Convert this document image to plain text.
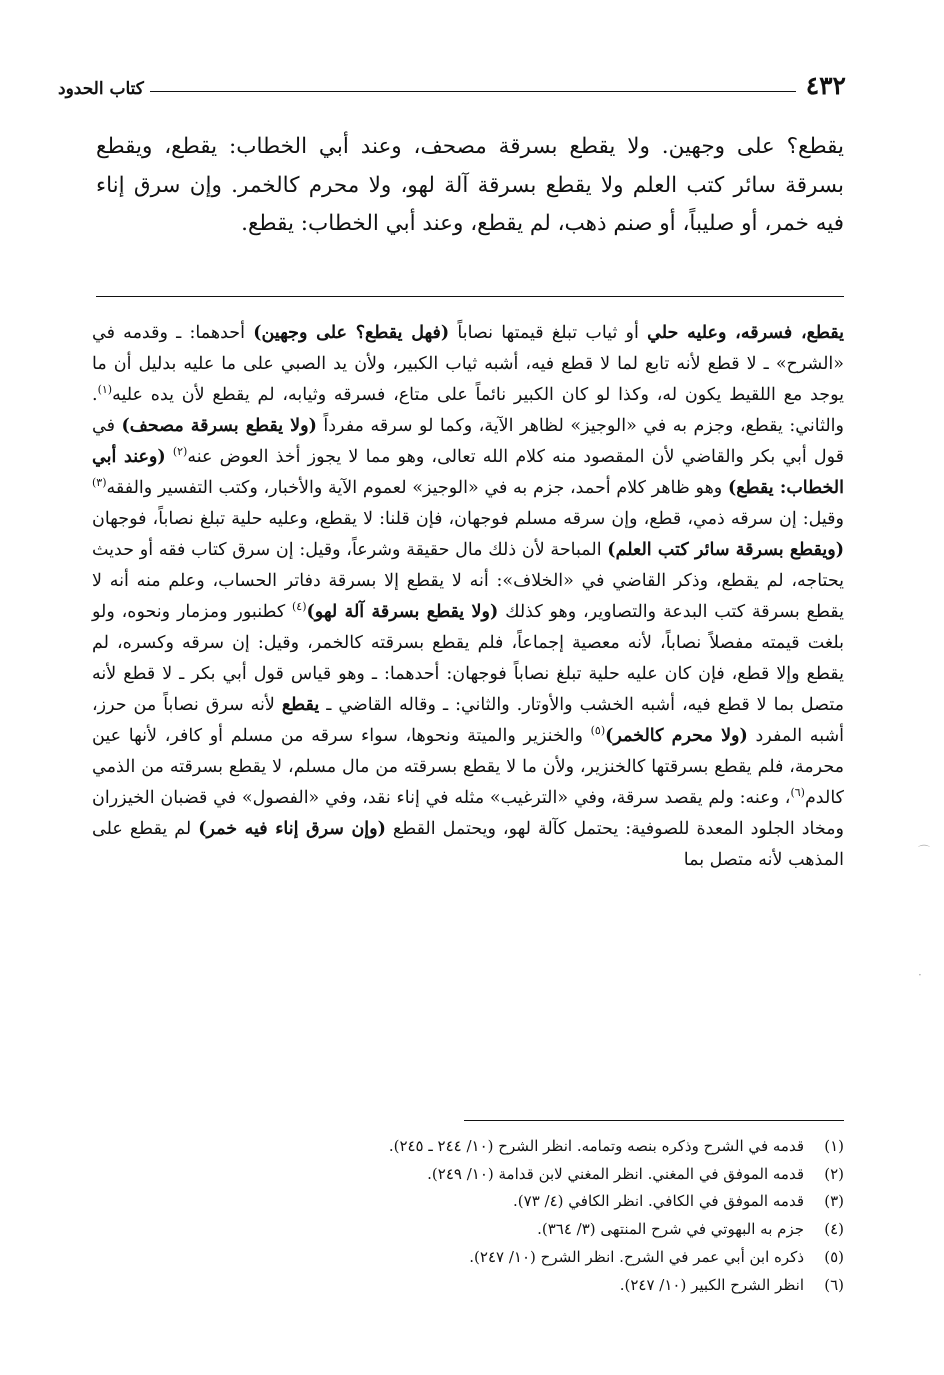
٤٣٢
كتاب الحدود

يقطع؟ على وجهين. ولا يقطع بسرقة مصحف، وعند أبي الخطاب: يقطع، ويقطع بسرقة سائر كتب العلم ولا يقطع بسرقة آلة لهو، ولا محرم كالخمر. وإن سرق إناء فيه خمر، أو صليباً، أو صنم ذهب، لم يقطع، وعند أبي الخطاب: يقطع.

يقطع، فسرقه، وعليه حلي أو ثياب تبلغ قيمتها نصاباً (فهل يقطع؟ على وجهين) أحدهما: ـ وقدمه في «الشرح» ـ لا قطع لأنه تابع لما لا قطع فيه، أشبه ثياب الكبير، ولأن يد الصبي على ما عليه بدليل أن ما يوجد مع اللقيط يكون له، وكذا لو كان الكبير نائماً على متاع، فسرقه وثيابه، لم يقطع لأن يده عليه$^{(١)}$. والثاني: يقطع، وجزم به في «الوجيز» لظاهر الآية، وكما لو سرقه مفرداً (ولا يقطع بسرقة مصحف) في قول أبي بكر والقاضي لأن المقصود منه كلام الله تعالى، وهو مما لا يجوز أخذ العوض عنه$^{(٢)}$ (وعند أبي الخطاب: يقطع) وهو ظاهر كلام أحمد، جزم به في «الوجيز» لعموم الآية والأخبار، وكتب التفسير والفقه$^{(٣)}$ وقيل: إن سرقه ذمي، قطع، وإن سرقه مسلم فوجهان، فإن قلنا: لا يقطع، وعليه حلية تبلغ نصاباً، فوجهان (ويقطع بسرقة سائر كتب العلم) المباحة لأن ذلك مال حقيقة وشرعاً، وقيل: إن سرق كتاب فقه أو حديث يحتاجه، لم يقطع، وذكر القاضي في «الخلاف»: أنه لا يقطع إلا بسرقة دفاتر الحساب، وعلم منه أنه لا يقطع بسرقة كتب البدعة والتصاوير، وهو كذلك (ولا يقطع بسرقة آلة لهو)$^{(٤)}$ كطنبور ومزمار ونحوه، ولو بلغت قيمته مفصلاً نصاباً، لأنه معصية إجماعاً، فلم يقطع بسرقته كالخمر، وقيل: إن سرقه وكسره، لم يقطع وإلا قطع، فإن كان عليه حلية تبلغ نصاباً فوجهان: أحدهما: ـ وهو قياس قول أبي بكر ـ لا قطع لأنه متصل بما لا قطع فيه، أشبه الخشب والأوتار. والثاني: ـ وقاله القاضي ـ يقطع لأنه سرق نصاباً من حرز، أشبه المفرد (ولا محرم كالخمر)$^{(٥)}$ والخنزير والميتة ونحوها، سواء سرقه من مسلم أو كافر، لأنها عين محرمة، فلم يقطع بسرقتها كالخنزير، ولأن ما لا يقطع بسرقته من مال مسلم، لا يقطع بسرقته من الذمي كالدم$^{(٦)}$، وعنه: ولم يقصد سرقة، وفي «الترغيب» مثله في إناء نقد، وفي «الفصول» في قضبان الخيزران ومخاد الجلود المعدة للصوفية: يحتمل كآلة لهو، ويحتمل القطع (وإن سرق إناء فيه خمر) لم يقطع على المذهب لأنه متصل بما

(١)
قدمه في الشرح وذكره بنصه وتمامه. انظر الشرح (١٠/ ٢٤٤ ـ ٢٤٥).
(٢)
قدمه الموفق في المغني. انظر المغني لابن قدامة (١٠/ ٢٤٩).
(٣)
قدمه الموفق في الكافي. انظر الكافي (٤/ ٧٣).
(٤)
جزم به البهوتي في شرح المنتهى (٣/ ٣٦٤).
(٥)
ذكره ابن أبي عمر في الشرح. انظر الشرح (١٠/ ٢٤٧).
(٦)
انظر الشرح الكبير (١٠/ ٢٤٧).
⌒
·
